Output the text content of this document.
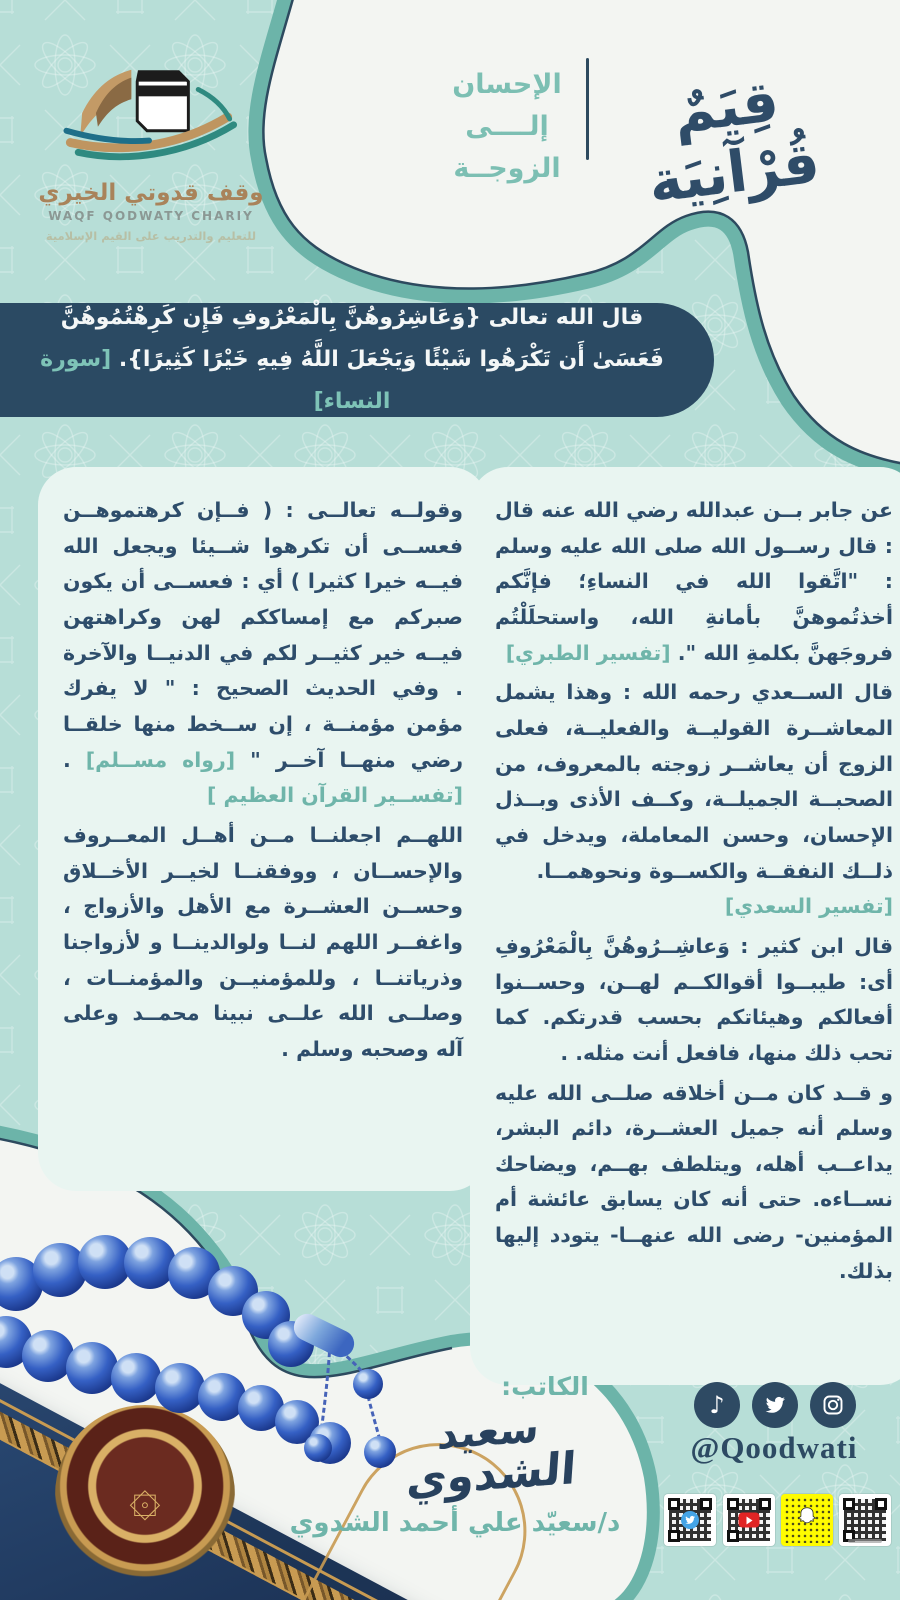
وقف قدوتي الخيري
WAQF QODWATY CHARIY
للتعليم والتدريب على القيم الإسلامية
قِيَمٌ قُرْآنِيَة
الإحسان
إلــــى
الزوجــة

قال الله تعالى {وَعَاشِرُوهُنَّ بِالْمَعْرُوفِ فَإِن كَرِهْتُمُوهُنَّ فَعَسَىٰ أَن تَكْرَهُوا شَيْئًا وَيَجْعَلَ اللَّهُ فِيهِ خَيْرًا كَثِيرًا}. [سورة النساء]

وقولــه تعالــى : ( فــإن كرهتموهــن فعســى أن تكرهوا شــيئا ويجعل الله فيــه خيرا كثيرا ) أي : فعســى أن يكون صبركم مع إمساككم لهن وكراهتهن فيــه خير كثيــر لكم في الدنيــا والآخرة . وفي الحديث الصحيح : " لا يفرك مؤمن مؤمنــة ، إن ســخط منها خلقــا رضي منهــا آخــر " [رواه مســلم] . [تفســير القرآن العظيم ]

اللهــم اجعلنــا مــن أهــل المعــروف والإحســان ، ووفقنــا لخيــر الأخــلاق وحســن العشــرة مع الأهل والأزواج ، واغفــر اللهم لنــا ولوالدينــا و لأزواجنا وذرياتنــا ، وللمؤمنيــن والمؤمنــات ، وصلــى الله علــى نبينا محمــد وعلى آله وصحبه وسلم .

عن جابر بــن عبدالله رضي الله عنه قال : قال رســول الله صلى الله عليه وسلم : "اتَّقوا الله في النساءِ؛ فإنَّكم أخذتُموهنَّ بأمانةِ الله، واستحلَلْتُم فروجَهنَّ بكلمةِ الله ". [تفسير الطبري]

قال الســعدي رحمه الله : وهذا يشمل المعاشــرة القوليــة والفعليــة، فعلى الزوج أن يعاشــر زوجته بالمعروف، من الصحبــة الجميلــة، وكــف الأذى وبــذل الإحسان، وحسن المعاملة، ويدخل في ذلــك النفقــة والكســوة ونحوهمــا.
[تفسير السعدي]

قال ابن كثير : وَعاشِــرُوهُنَّ بِالْمَعْرُوفِ أى: طيبــوا أقوالكــم لهــن، وحســنوا أفعالكم وهيئاتكم بحسب قدرتكم. كما تحب ذلك منها، فافعل أنت مثله. .

و قــد كان مــن أخلاقه صلــى الله عليه وسلم أنه جميل العشــرة، دائم البشر، يداعــب أهله، ويتلطف بهــم، ويضاحك نســاءه. حتى أنه كان يسابق عائشة أم المؤمنين- رضى الله عنهــا- يتودد إليها بذلك.

۞
الكاتب:
سعيد
الشدوي
د/سعيّد علي أحمد الشدوي
♪
@Qoodwati
